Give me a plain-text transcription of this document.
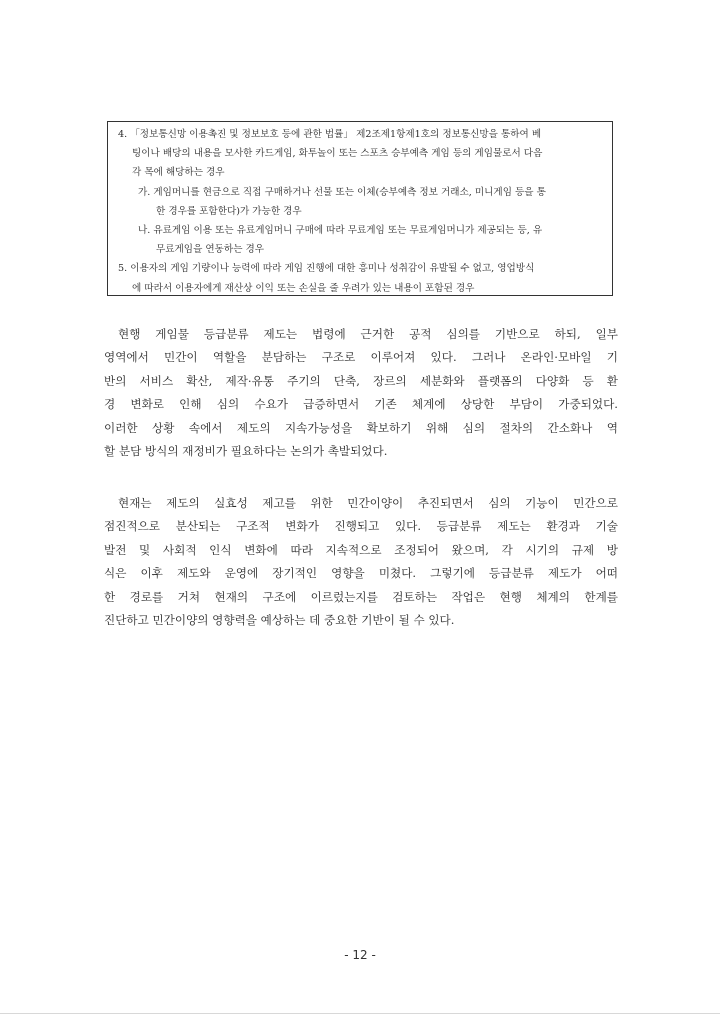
4. 「정보통신망 이용촉진 및 정보보호 등에 관한 법률」 제2조제1항제1호의 정보통신망을 통하여 베
팅이나 배당의 내용을 모사한 카드게임, 화투놀이 또는 스포츠 승부예측 게임 등의 게임물로서 다음
각 목에 해당하는 경우
가. 게임머니를 현금으로 직접 구매하거나 선물 또는 이체(승부예측 정보 거래소, 미니게임 등을 통
한 경우를 포함한다)가 가능한 경우
나. 유료게임 이용 또는 유료게임머니 구매에 따라 무료게임 또는 무료게임머니가 제공되는 등, 유
무료게임을 연동하는 경우
5. 이용자의 게임 기량이나 능력에 따라 게임 진행에 대한 흥미나 성취감이 유발될 수 없고, 영업방식
에 따라서 이용자에게 재산상 이익 또는 손실을 줄 우려가 있는 내용이 포함된 경우
현행 게임물 등급분류 제도는 법령에 근거한 공적 심의를 기반으로 하되, 일부
영역에서 민간이 역할을 분담하는 구조로 이루어져 있다. 그러나 온라인·모바일 기
반의 서비스 확산, 제작·유통 주기의 단축, 장르의 세분화와 플랫폼의 다양화 등 환
경 변화로 인해 심의 수요가 급증하면서 기존 체계에 상당한 부담이 가중되었다.
이러한 상황 속에서 제도의 지속가능성을 확보하기 위해 심의 절차의 간소화나 역
할 분담 방식의 재정비가 필요하다는 논의가 촉발되었다.
현재는 제도의 실효성 제고를 위한 민간이양이 추진되면서 심의 기능이 민간으로
점진적으로 분산되는 구조적 변화가 진행되고 있다. 등급분류 제도는 환경과 기술
발전 및 사회적 인식 변화에 따라 지속적으로 조정되어 왔으며, 각 시기의 규제 방
식은 이후 제도와 운영에 장기적인 영향을 미쳤다. 그렇기에 등급분류 제도가 어떠
한 경로를 거쳐 현재의 구조에 이르렀는지를 검토하는 작업은 현행 체계의 한계를
진단하고 민간이양의 영향력을 예상하는 데 중요한 기반이 될 수 있다.
- 12 -
